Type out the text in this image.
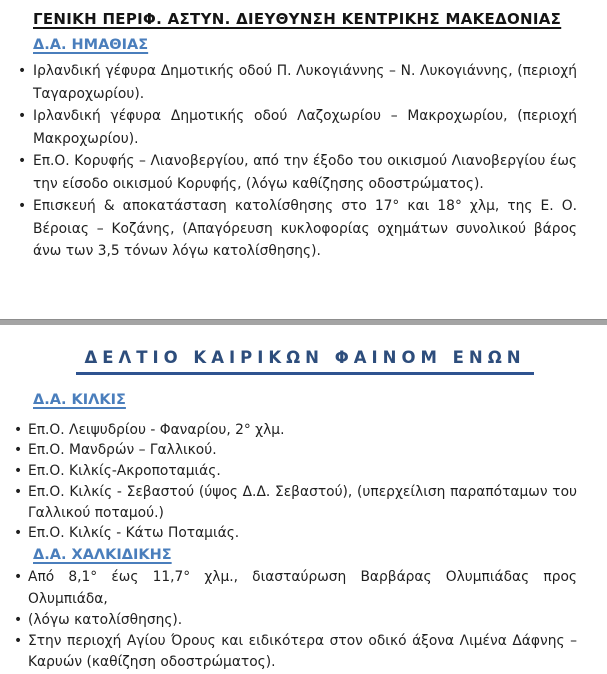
ΓΕΝΙΚΗ ΠΕΡΙΦ. ΑΣΤΥΝ. ΔΙΕΥΘΥΝΣΗ ΚΕΝΤΡΙΚΗΣ ΜΑΚΕΔΟΝΙΑΣ
Δ.Α. ΗΜΑΘΙΑΣ
• Ιρλανδική γέφυρα Δημοτικής οδού Π. Λυκογιάννης – Ν. Λυκογιάννης, (περιοχή Ταγαροχωρίου).
• Ιρλανδική γέφυρα Δημοτικής οδού Λαζοχωρίου – Μακροχωρίου, (περιοχή Μακροχωρίου).
• Επ.Ο. Κορυφής – Λιανοβεργίου, από την έξοδο του οικισμού Λιανοβεργίου έως την είσοδο οικισμού Κορυφής, (λόγω καθίζησης οδοστρώματος).
• Επισκευή & αποκατάσταση κατολίσθησης στο 17° και 18° χλμ, της Ε. Ο. Βέροιας – Κοζάνης, (Απαγόρευση κυκλοφορίας οχημάτων συνολικού βάρος άνω των 3,5 τόνων λόγω κατολίσθησης).
ΔΕΛΤΙΟ ΚΑΙΡΙΚΩΝ ΦΑΙΝΟΜ ΕΝΩΝ
Δ.Α. ΚΙΛΚΙΣ
• Επ.Ο. Λειψυδρίου - Φαναρίου, 2° χλμ.
• Επ.Ο. Μανδρών – Γαλλικού.
• Επ.Ο. Κιλκίς-Ακροποταμιάς.
• Επ.Ο. Κιλκίς - Σεβαστού (ύψος Δ.Δ. Σεβαστού), (υπερχείλιση παραπόταμων του Γαλλικού ποταμού.)
• Επ.Ο. Κιλκίς - Κάτω Ποταμιάς.
Δ.Α. ΧΑΛΚΙΔΙΚΗΣ
• Από 8,1° έως 11,7° χλμ., διασταύρωση Βαρβάρας Ολυμπιάδας προς Ολυμπιάδα,
• (λόγω κατολίσθησης).
• Στην περιοχή Αγίου Όρους και ειδικότερα στον οδικό άξονα Λιμένα Δάφνης – Καρυών (καθίζηση οδοστρώματος).
